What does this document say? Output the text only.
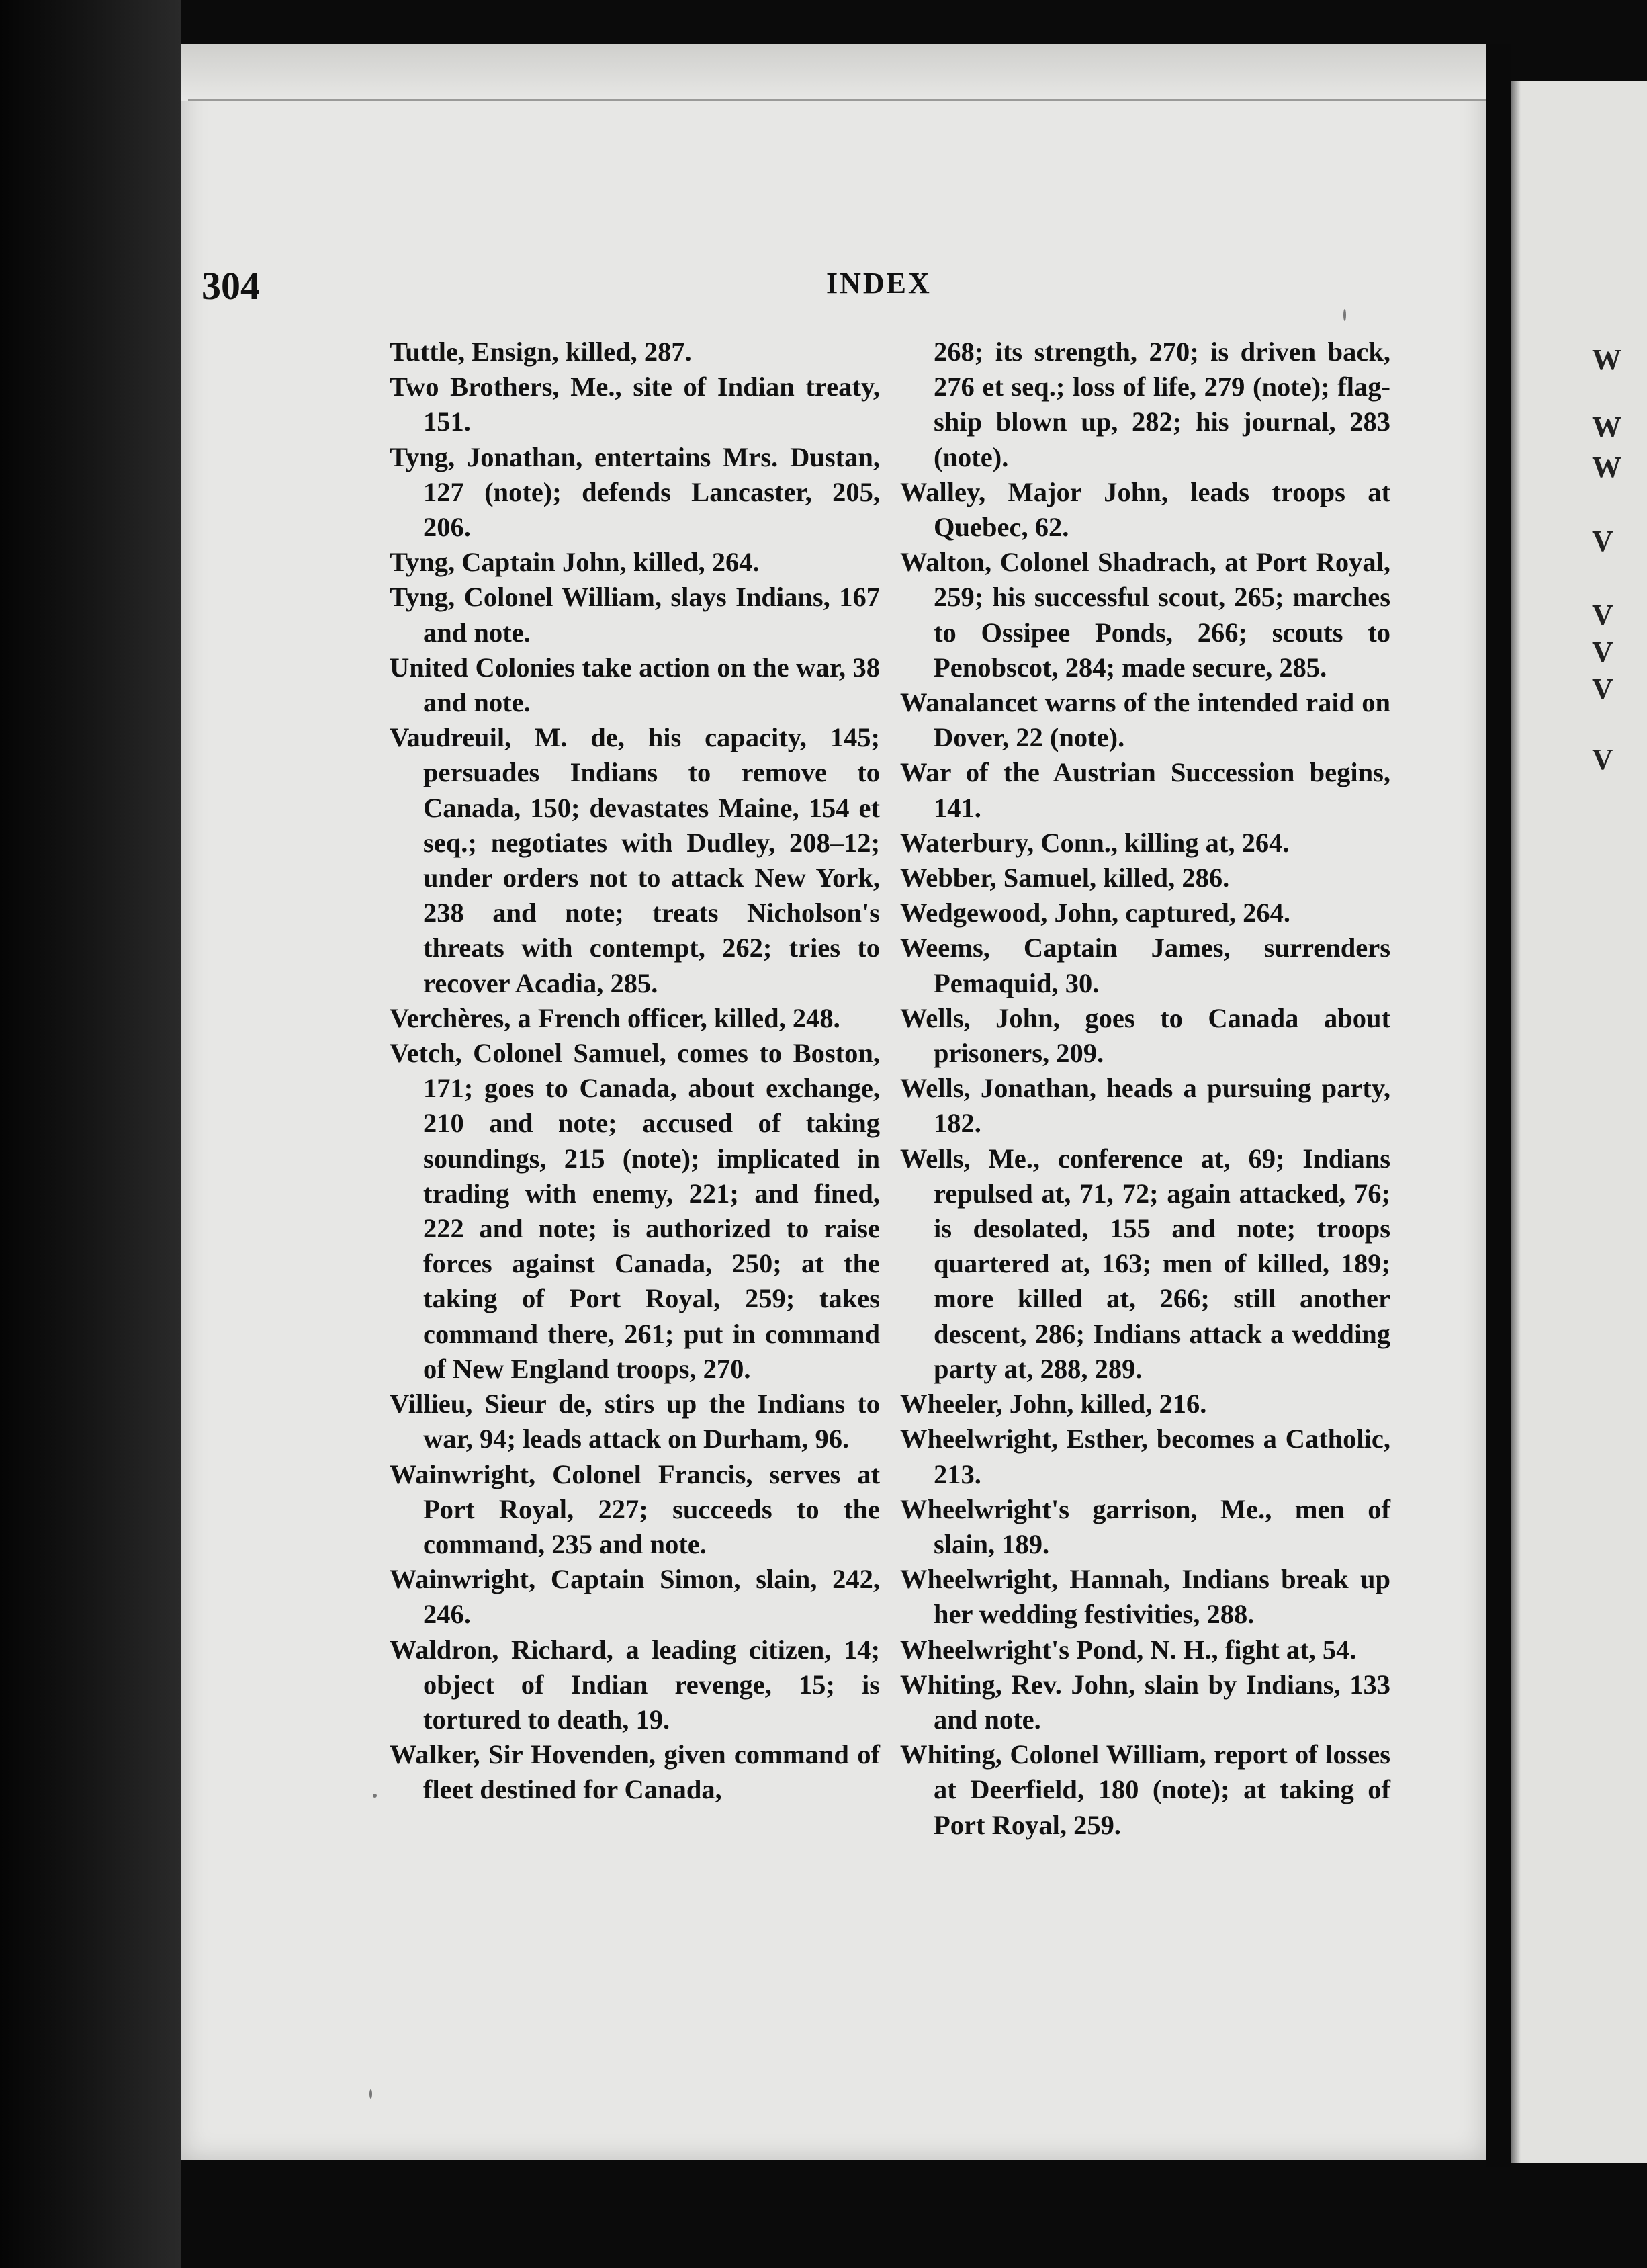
W
W
W
V
V
V
V
V
304	INDEX
Tuttle, Ensign, killed, 287.
Two Brothers, Me., site of Indian treaty, 151.
Tyng, Jonathan, entertains Mrs. Dustan, 127 (note); defends Lancaster, 205, 206.
Tyng, Captain John, killed, 264.
Tyng, Colonel William, slays Indians, 167 and note.
United Colonies take action on the war, 38 and note.
Vaudreuil, M. de, his capacity, 145; persuades Indians to remove to Canada, 150; devastates Maine, 154 et seq.; negotiates with Dudley, 208–12; under orders not to attack New York, 238 and note; treats Nicholson's threats with contempt, 262; tries to recover Acadia, 285.
Verchères, a French officer, killed, 248.
Vetch, Colonel Samuel, comes to Boston, 171; goes to Canada, about exchange, 210 and note; accused of taking soundings, 215 (note); implicated in trading with enemy, 221; and fined, 222 and note; is authorized to raise forces against Canada, 250; at the taking of Port Royal, 259; takes command there, 261; put in command of New England troops, 270.
Villieu, Sieur de, stirs up the Indians to war, 94; leads attack on Durham, 96.
Wainwright, Colonel Francis, serves at Port Royal, 227; succeeds to the command, 235 and note.
Wainwright, Captain Simon, slain, 242, 246.
Waldron, Richard, a leading citizen, 14; object of Indian revenge, 15; is tortured to death, 19.
Walker, Sir Hovenden, given command of fleet destined for Canada,
268; its strength, 270; is driven back, 276 et seq.; loss of life, 279 (note); flag-ship blown up, 282; his journal, 283 (note).
Walley, Major John, leads troops at Quebec, 62.
Walton, Colonel Shadrach, at Port Royal, 259; his successful scout, 265; marches to Ossipee Ponds, 266; scouts to Penobscot, 284; made secure, 285.
Wanalancet warns of the intended raid on Dover, 22 (note).
War of the Austrian Succession begins, 141.
Waterbury, Conn., killing at, 264.
Webber, Samuel, killed, 286.
Wedgewood, John, captured, 264.
Weems, Captain James, surrenders Pemaquid, 30.
Wells, John, goes to Canada about prisoners, 209.
Wells, Jonathan, heads a pursuing party, 182.
Wells, Me., conference at, 69; Indians repulsed at, 71, 72; again attacked, 76; is desolated, 155 and note; troops quartered at, 163; men of killed, 189; more killed at, 266; still another descent, 286; Indians attack a wedding party at, 288, 289.
Wheeler, John, killed, 216.
Wheelwright, Esther, becomes a Catholic, 213.
Wheelwright's garrison, Me., men of slain, 189.
Wheelwright, Hannah, Indians break up her wedding festivities, 288.
Wheelwright's Pond, N. H., fight at, 54.
Whiting, Rev. John, slain by Indians, 133 and note.
Whiting, Colonel William, report of losses at Deerfield, 180 (note); at taking of Port Royal, 259.
